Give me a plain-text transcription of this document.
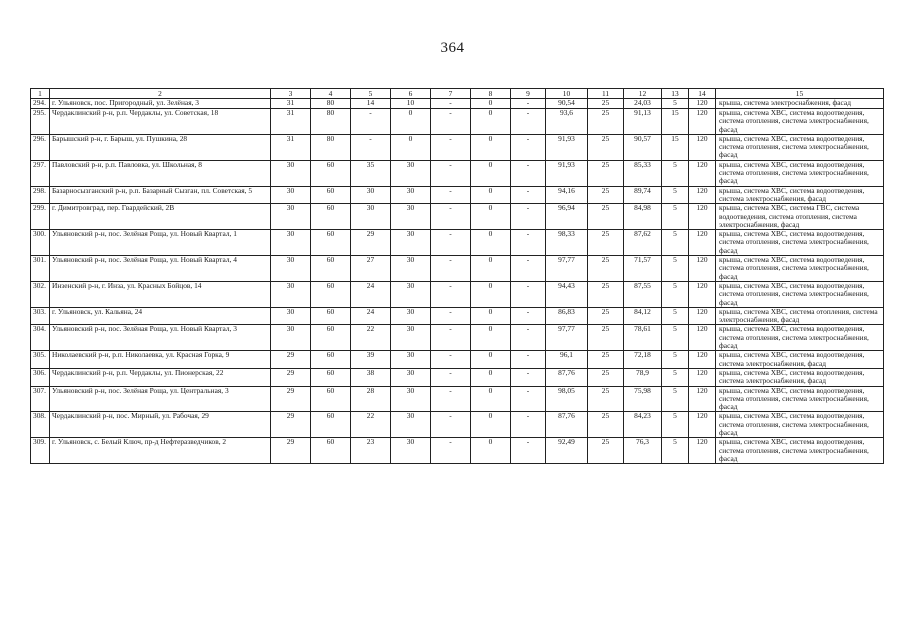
364
1	2	3	4	5	6	7	8	9	10	11	12	13	14	15
294.	г. Ульяновск, пос. Пригородный, ул. Зелёная, 3	31	80	14	10	-	0	-	90,54	25	24,03	5	120	крыша, система электроснабжения, фасад
295.	Чердаклинский р-н, р.п. Чердаклы, ул. Советская, 18	31	80	-	0	-	0	-	93,6	25	91,13	15	120	крыша, система ХВС, система водоотведения, система отопления, система электроснабжения, фасад
296.	Барышский р-н, г. Барыш, ул. Пушкина, 28	31	80	-	0	-	0	-	91,93	25	90,57	15	120	крыша, система ХВС, система водоотведения, система отопления, система электроснабжения, фасад
297.	Павловский р-н, р.п. Павловка, ул. Школьная, 8	30	60	35	30	-	0	-	91,93	25	85,33	5	120	крыша, система ХВС, система водоотведения, система отопления, система электроснабжения, фасад
298.	Базарносызганский р-н, р.п. Базарный Сызган, пл. Советская, 5	30	60	30	30	-	0	-	94,16	25	89,74	5	120	крыша, система ХВС, система водоотведения, система электроснабжения, фасад
299.	г. Димитровград, пер. Гвардейский, 2В	30	60	30	30	-	0	-	96,94	25	84,98	5	120	крыша, система ХВС, система ГВС, система водоотведения, система отопления, система электроснабжения, фасад
300.	Ульяновский р-н, пос. Зелёная Роща, ул. Новый Квартал, 1	30	60	29	30	-	0	-	98,33	25	87,62	5	120	крыша, система ХВС, система водоотведения, система отопления, система электроснабжения, фасад
301.	Ульяновский р-н, пос. Зелёная Роща, ул. Новый Квартал, 4	30	60	27	30	-	0	-	97,77	25	71,57	5	120	крыша, система ХВС, система водоотведения, система отопления, система электроснабжения, фасад
302.	Инзенский р-н, г. Инза, ул. Красных Бойцов, 14	30	60	24	30	-	0	-	94,43	25	87,55	5	120	крыша, система ХВС, система водоотведения, система отопления, система электроснабжения, фасад
303.	г. Ульяновск, ул. Кальяна, 24	30	60	24	30	-	0	-	86,83	25	84,12	5	120	крыша, система ХВС, система отопления, система электроснабжения, фасад
304.	Ульяновский р-н, пос. Зелёная Роща, ул. Новый Квартал, 3	30	60	22	30	-	0	-	97,77	25	78,61	5	120	крыша, система ХВС, система водоотведения, система отопления, система электроснабжения, фасад
305.	Николаевский р-н, р.п. Николаевка, ул. Красная Горка, 9	29	60	39	30	-	0	-	96,1	25	72,18	5	120	крыша, система ХВС, система водоотведения, система электроснабжения, фасад
306.	Чердаклинский р-н, р.п. Чердаклы, ул. Пионерская, 22	29	60	38	30	-	0	-	87,76	25	78,9	5	120	крыша, система ХВС, система водоотведения, система электроснабжения, фасад
307.	Ульяновский р-н, пос. Зелёная Роща, ул. Центральная, 3	29	60	28	30	-	0	-	98,05	25	75,98	5	120	крыша, система ХВС, система водоотведения, система отопления, система электроснабжения, фасад
308.	Чердаклинский р-н, пос. Мирный, ул. Рабочая, 29	29	60	22	30	-	0	-	87,76	25	84,23	5	120	крыша, система ХВС, система водоотведения, система отопления, система электроснабжения, фасад
309.	г. Ульяновск, с. Белый Ключ, пр-д Нефтеразведчиков, 2	29	60	23	30	-	0	-	92,49	25	76,3	5	120	крыша, система ХВС, система водоотведения, система отопления, система электроснабжения, фасад
